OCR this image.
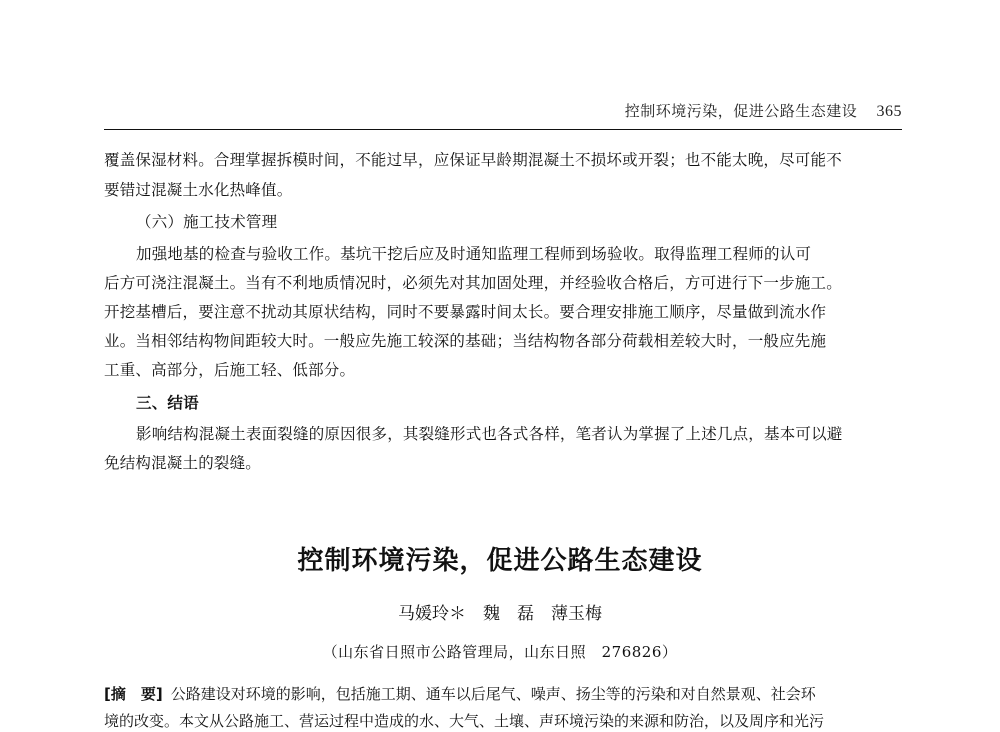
控制环境污染，促进公路生态建设 365
覆盖保湿材料。合理掌握拆模时间，不能过早，应保证早龄期混凝土不损坏或开裂；也不能太晚，尽可能不
要错过混凝土水化热峰值。
（六）施工技术管理
加强地基的检查与验收工作。基坑干挖后应及时通知监理工程师到场验收。取得监理工程师的认可
后方可浇注混凝土。当有不利地质情况时，必须先对其加固处理，并经验收合格后，方可进行下一步施工。
开挖基槽后，要注意不扰动其原状结构，同时不要暴露时间太长。要合理安排施工顺序，尽量做到流水作
业。当相邻结构物间距较大时。一般应先施工较深的基础；当结构物各部分荷载相差较大时，一般应先施
工重、高部分，后施工轻、低部分。
三、结语
影响结构混凝土表面裂缝的原因很多，其裂缝形式也各式各样，笔者认为掌握了上述几点，基本可以避
免结构混凝土的裂缝。
控制环境污染，促进公路生态建设
马媛玲＊　魏　磊　薄玉梅
（山东省日照市公路管理局，山东日照　276826）
[摘　要] 公路建设对环境的影响，包括施工期、通车以后尾气、噪声、扬尘等的污染和对自然景观、社会环
境的改变。本文从公路施工、营运过程中造成的水、大气、土壤、声环境污染的来源和防治，以及周序和光污
